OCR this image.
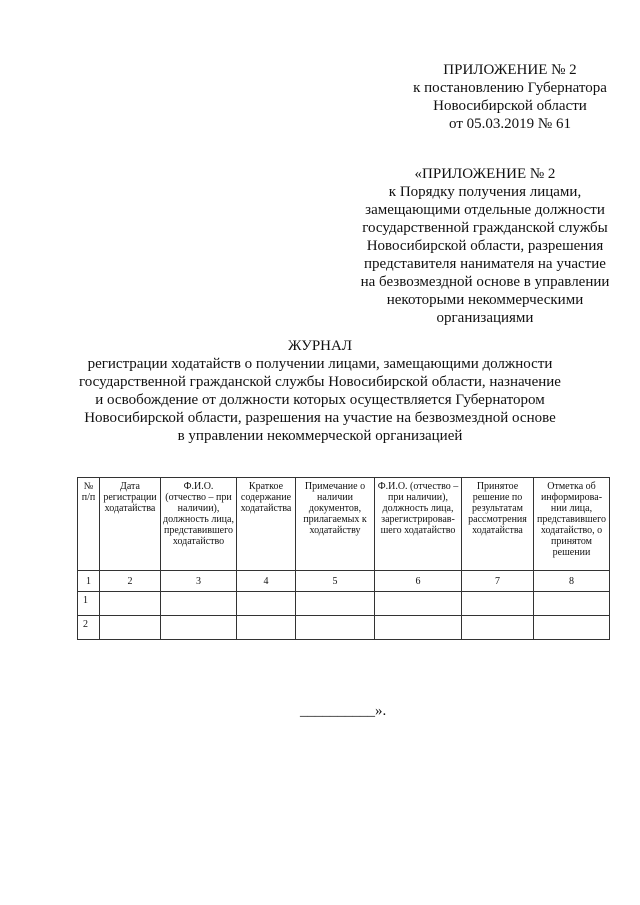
ПРИЛОЖЕНИЕ № 2
к постановлению Губернатора
Новосибирской области
от 05.03.2019 № 61
«ПРИЛОЖЕНИЕ № 2
к Порядку получения лицами,
замещающими отдельные должности
государственной гражданской службы
Новосибирской области, разрешения
представителя нанимателя на участие
на безвозмездной основе в управлении
некоторыми некоммерческими
организациями
ЖУРНАЛ
регистрации ходатайств о получении лицами, замещающими должности
государственной гражданской службы Новосибирской области, назначение
и освобождение от должности которых осуществляется Губернатором
Новосибирской области, разрешения на участие на безвозмездной основе
в управлении некоммерческой организацией
№ п/п	Дата регистрации ходатайства	Ф.И.О. (отчество – при наличии), должность лица, представившего ходатайство	Краткое содержание ходатайства	Примечание о наличии документов, прилагаемых к ходатайству	Ф.И.О. (отчество – при наличии), должность лица, зарегистрировав-шего ходатайство	Принятое решение по результатам рассмотрения ходатайства	Отметка об информирова-нии лица, представившего ходатайство, о принятом решении
1	2	3	4	5	6	7	8
1							
2							
__________».
